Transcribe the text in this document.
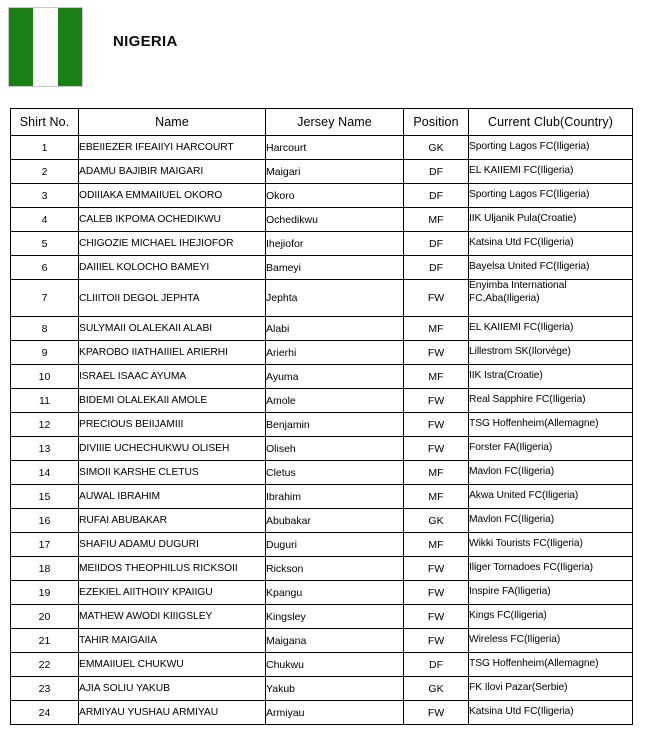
NIGERIA
Shirt No.	Name	Jersey Name	Position	Current Club(Country)
1	EBEIIEZER IFEAIIYI HARCOURT	Harcourt	GK	Sporting Lagos FC(Iligeria)
2	ADAMU BAJIBIR MAIGARI	Maigari	DF	EL KAIIEMI FC(Iligeria)
3	ODIIIAKA EMMAIIUEL OKORO	Okoro	DF	Sporting Lagos FC(Iligeria)
4	CALEB IKPOMA OCHEDIKWU	Ochedikwu	MF	IIK Uljanik Pula(Croatie)
5	CHIGOZIE MICHAEL IHEJIOFOR	Ihejiofor	DF	Katsina Utd FC(Iligeria)
6	DAIIIEL KOLOCHO BAMEYI	Bameyi	DF	Bayelsa United FC(Iligeria)
7	CLIIITOII DEGOL JEPHTA	Jephta	FW	Enyimba International FC,Aba(Iligeria)
8	SULYMAII OLALEKAII ALABI	Alabi	MF	EL KAIIEMI FC(Iligeria)
9	KPAROBO IIATHAIIIEL ARIERHI	Arierhi	FW	Lillestrom SK(Ilorvège)
10	ISRAEL ISAAC AYUMA	Ayuma	MF	IIK Istra(Croatie)
11	BIDEMI OLALEKAII AMOLE	Amole	FW	Real Sapphire FC(Iligeria)
12	PRECIOUS BEIIJAMIII	Benjamin	FW	TSG Hoffenheim(Allemagne)
13	DIVIIIE UCHECHUKWU OLISEH	Oliseh	FW	Forster FA(Iligeria)
14	SIMOII KARSHE CLETUS	Cletus	MF	Mavlon FC(Iligeria)
15	AUWAL IBRAHIM	Ibrahim	MF	Akwa United FC(Iligeria)
16	RUFAI ABUBAKAR	Abubakar	GK	Mavlon FC(Iligeria)
17	SHAFIU ADAMU DUGURI	Duguri	MF	Wikki Tourists FC(Iligeria)
18	MEIIDOS THEOPHILUS RICKSOII	Rickson	FW	Iliger Tornadoes FC(Iligeria)
19	EZEKIEL AIITHOIIY KPAIIGU	Kpangu	FW	Inspire FA(Iligeria)
20	MATHEW AWODI KIIIGSLEY	Kingsley	FW	Kings FC(Iligeria)
21	TAHIR MAIGAIIA	Maigana	FW	Wireless FC(Iligeria)
22	EMMAIIUEL CHUKWU	Chukwu	DF	TSG Hoffenheim(Allemagne)
23	AJIA SOLIU YAKUB	Yakub	GK	FK Ilovi Pazar(Serbie)
24	ARMIYAU YUSHAU ARMIYAU	Armiyau	FW	Katsina Utd FC(Iligeria)
